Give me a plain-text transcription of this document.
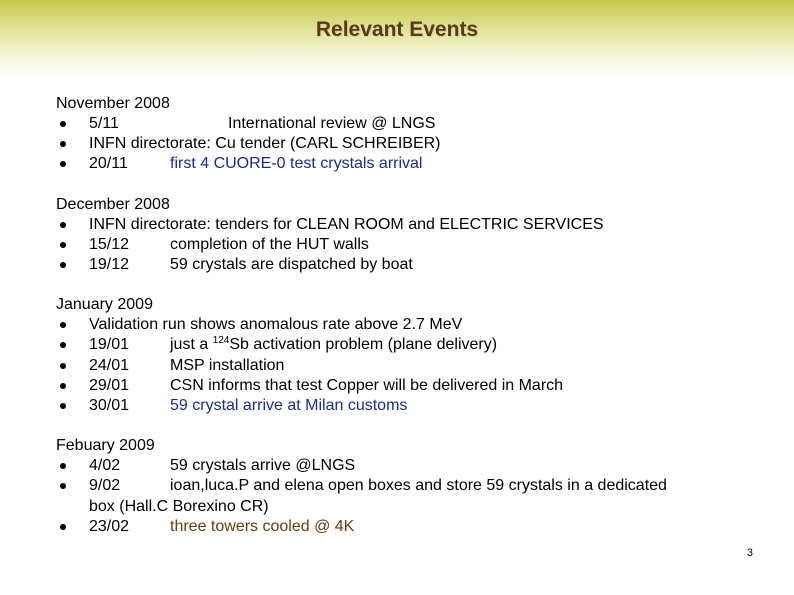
Relevant Events
November 2008
5/11	International review @ LNGS
INFN directorate: Cu tender (CARL SCHREIBER)
20/11	first 4 CUORE-0 test crystals arrival
December 2008
INFN directorate: tenders for CLEAN ROOM and ELECTRIC SERVICES
15/12	completion of the HUT walls
19/12	59 crystals are dispatched by boat
January 2009
Validation run shows anomalous rate above 2.7 MeV
19/01	just a $^{124}$Sb activation problem (plane delivery)
24/01	MSP installation
29/01	CSN informs that test Copper will be delivered in March
30/01	59 crystal arrive at Milan customs
Febuary 2009
4/02	59 crystals arrive @LNGS
9/02	ioan,luca.P and elena open boxes and store 59 crystals in a dedicated
box (Hall.C Borexino CR)
23/02	three towers cooled @ 4K
3
